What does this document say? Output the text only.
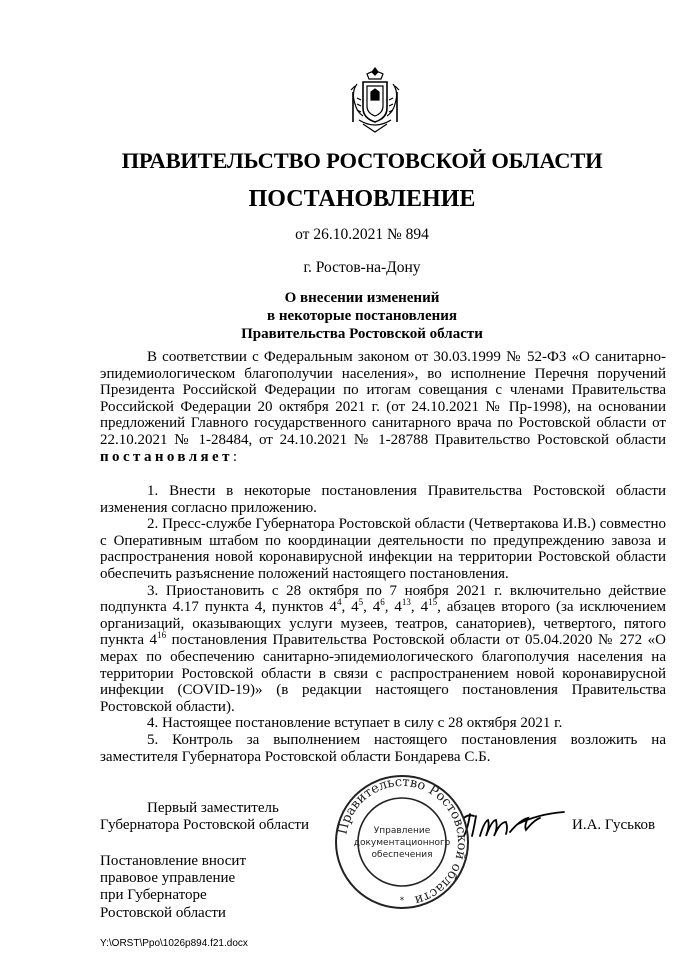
ПРАВИТЕЛЬСТВО РОСТОВСКОЙ ОБЛАСТИ
ПОСТАНОВЛЕНИЕ
от 26.10.2021 № 894
г. Ростов-на-Дону
О внесении изменений
в некоторые постановления
Правительства Ростовской области

В соответствии с Федеральным законом от 30.03.1999 № 52-ФЗ «О санитарно-эпидемиологическом благополучии населения», во исполнение Перечня поручений Президента Российской Федерации по итогам совещания с членами Правительства Российской Федерации 20 октября 2021 г. (от 24.10.2021 № Пр-1998), на основании предложений Главного государственного санитарного врача по Ростовской области от 22.10.2021 № 1-28484, от 24.10.2021 № 1-28788 Правительство Ростовской области постановляет:

1. Внести в некоторые постановления Правительства Ростовской области изменения согласно приложению.

2. Пресс-службе Губернатора Ростовской области (Четвертакова И.В.) совместно с Оперативным штабом по координации деятельности по предупреждению завоза и распространения новой коронавирусной инфекции на территории Ростовской области обеспечить разъяснение положений настоящего постановления.

3. Приостановить с 28 октября по 7 ноября 2021 г. включительно действие подпункта 4.17 пункта 4, пунктов $4^4$, $4^5$, $4^6$, $4^{13}$, $4^{15}$, абзацев второго (за исключением организаций, оказывающих услуги музеев, театров, санаториев), четвертого, пятого пункта $4^{16}$ постановления Правительства Ростовской области от 05.04.2020 № 272 «О мерах по обеспечению санитарно-эпидемиологического благополучия населения на территории Ростовской области в связи с распространением новой коронавирусной инфекции (COVID-19)» (в редакции настоящего постановления Правительства Ростовской области).

4. Настоящее постановление вступает в силу с 28 октября 2021 г.

5. Контроль за выполнением настоящего постановления возложить на заместителя Губернатора Ростовской области Бондарева С.Б.

Первый заместитель
Губернатора Ростовской области	И.А. Гуськов
Правительство Ростовской области
Управление
документационного
обеспечения
*
Постановление вносит
правовое управление
при Губернаторе
Ростовской области
Y:\ORST\Ppo\1026p894.f21.docx
